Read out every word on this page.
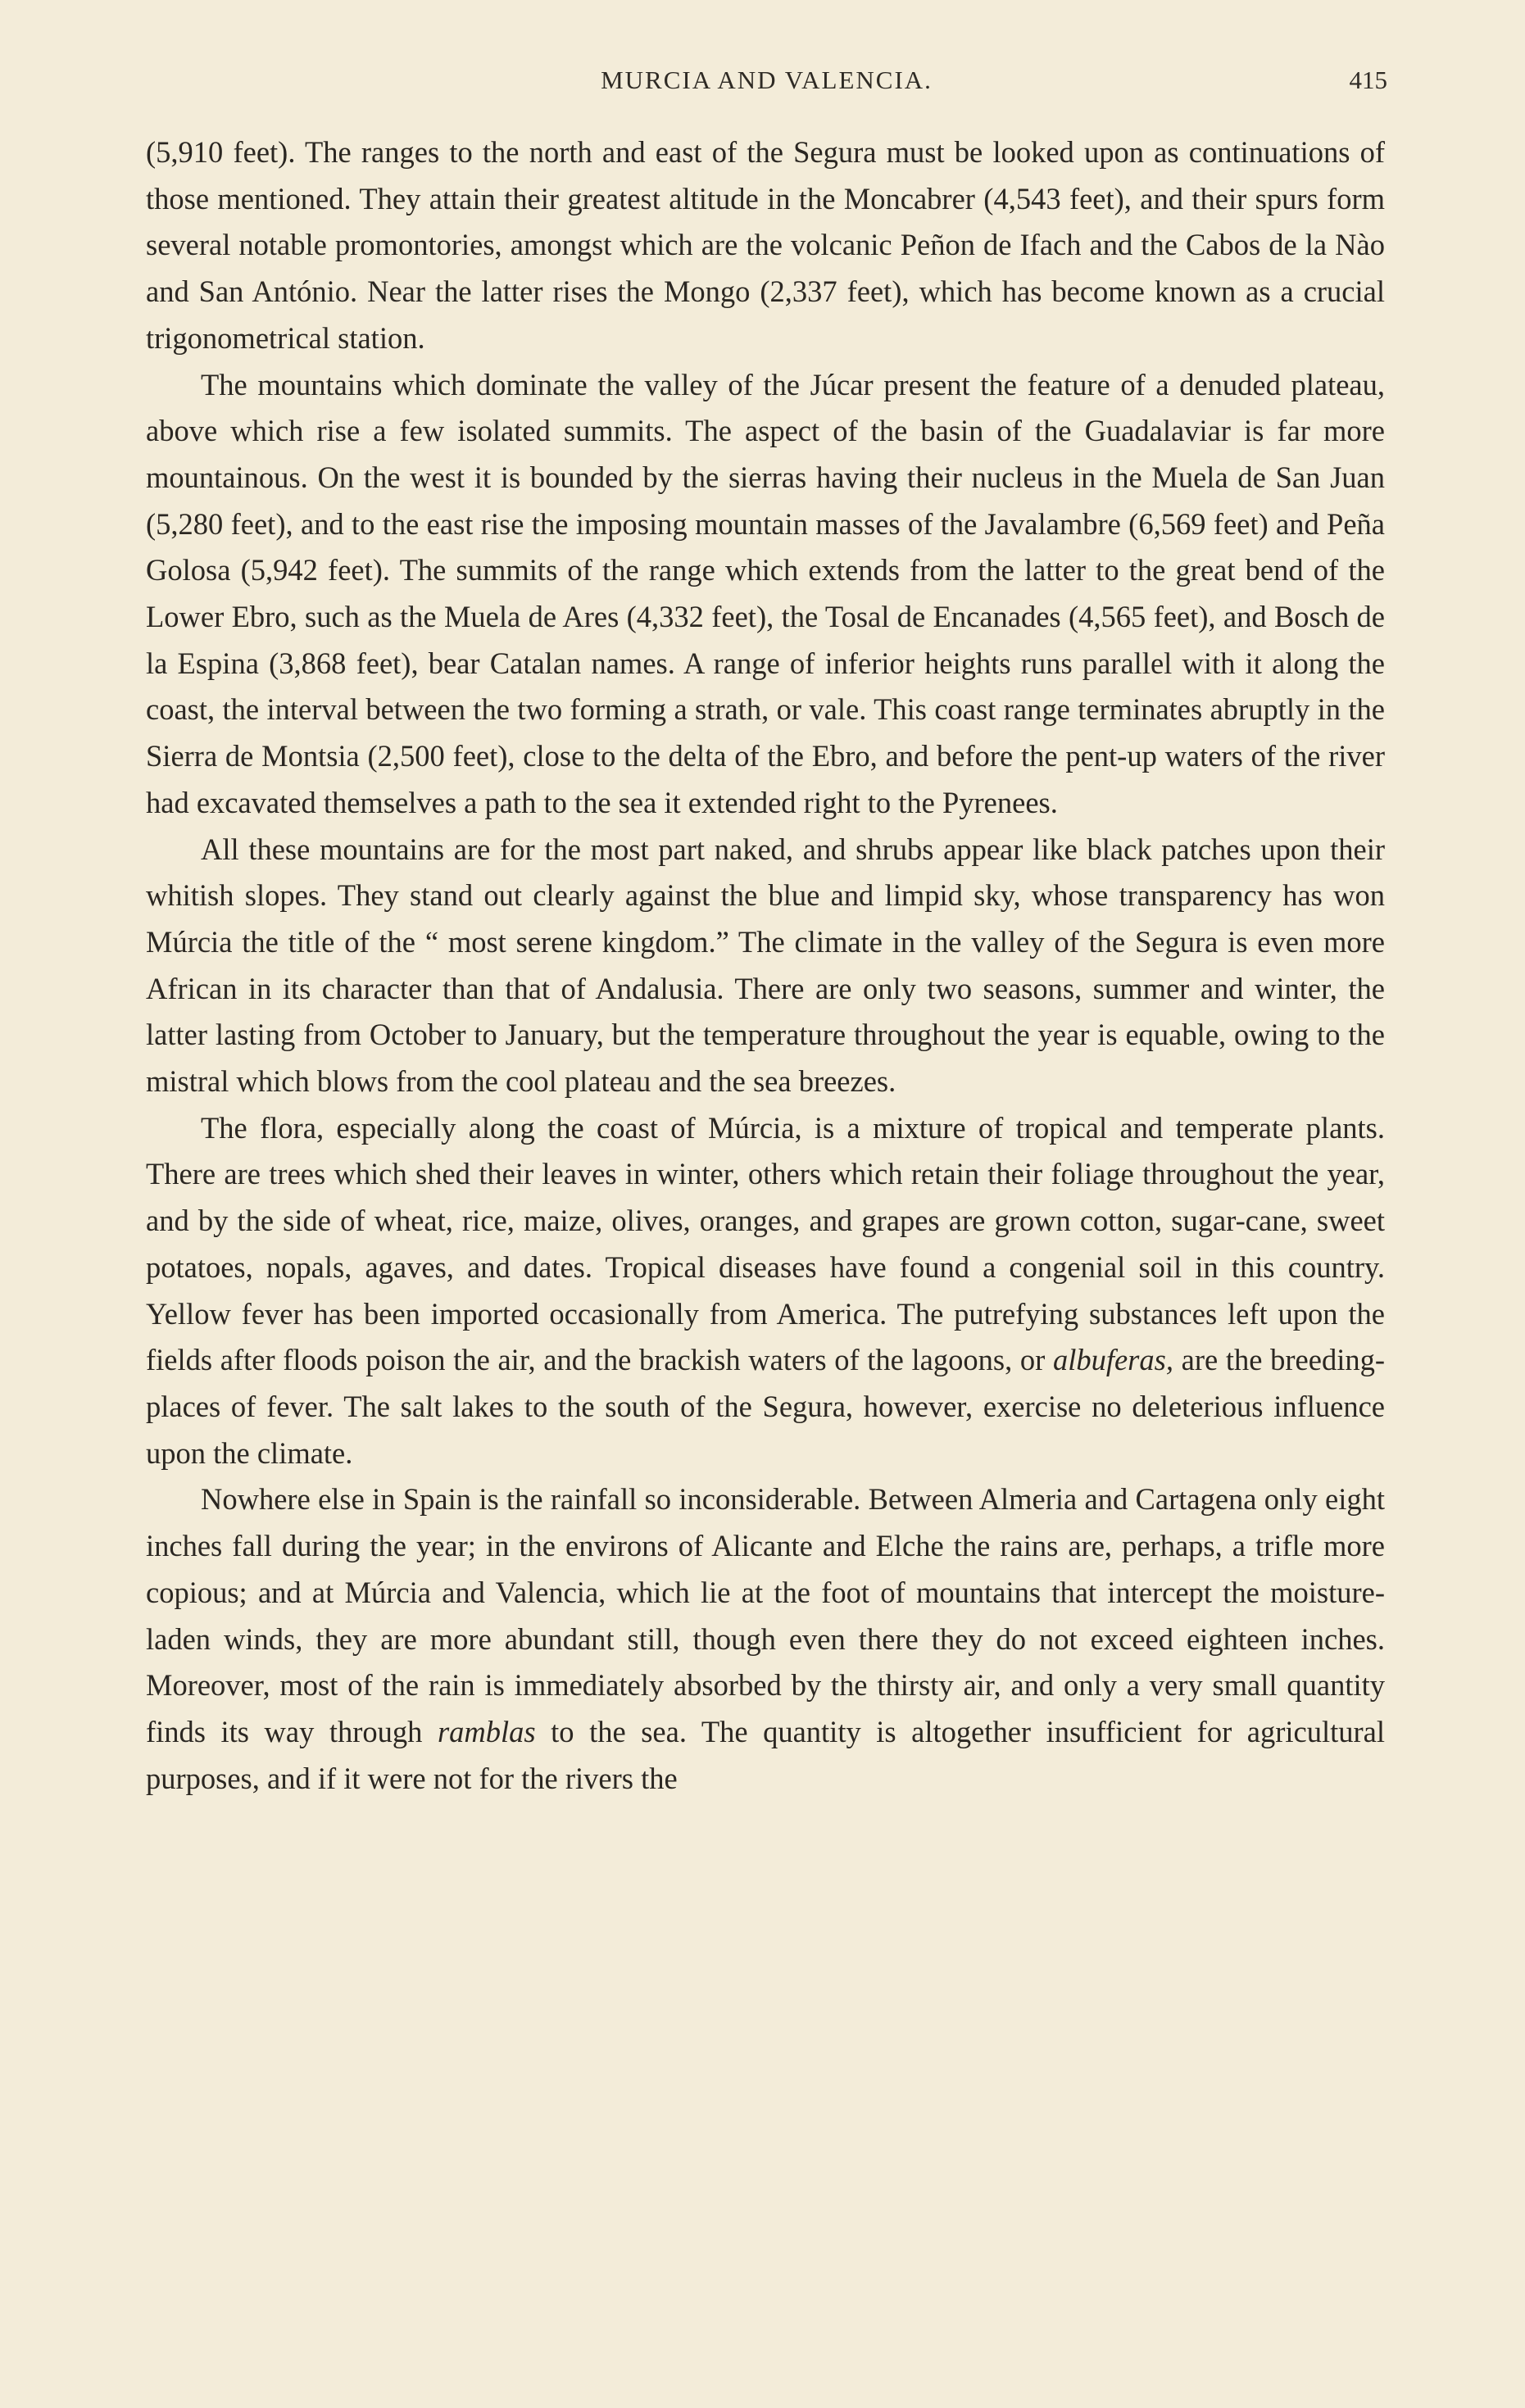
MURCIA AND VALENCIA.	415

(5,910 feet). The ranges to the north and east of the Segura must be looked upon as continuations of those mentioned. They attain their greatest altitude in the Moncabrer (4,543 feet), and their spurs form several notable promontories, amongst which are the volcanic Peñon de Ifach and the Cabos de la Nào and San António. Near the latter rises the Mongo (2,337 feet), which has become known as a crucial trigonometrical station.

The mountains which dominate the valley of the Júcar present the feature of a denuded plateau, above which rise a few isolated summits. The aspect of the basin of the Guadalaviar is far more mountainous. On the west it is bounded by the sierras having their nucleus in the Muela de San Juan (5,280 feet), and to the east rise the imposing mountain masses of the Javalambre (6,569 feet) and Peña Golosa (5,942 feet). The summits of the range which extends from the latter to the great bend of the Lower Ebro, such as the Muela de Ares (4,332 feet), the Tosal de Encanades (4,565 feet), and Bosch de la Espina (3,868 feet), bear Catalan names. A range of inferior heights runs parallel with it along the coast, the interval between the two forming a strath, or vale. This coast range terminates abruptly in the Sierra de Montsia (2,500 feet), close to the delta of the Ebro, and before the pent-up waters of the river had excavated themselves a path to the sea it extended right to the Pyrenees.

All these mountains are for the most part naked, and shrubs appear like black patches upon their whitish slopes. They stand out clearly against the blue and limpid sky, whose transparency has won Múrcia the title of the “ most serene kingdom.” The climate in the valley of the Segura is even more African in its character than that of Andalusia. There are only two seasons, summer and winter, the latter lasting from October to January, but the temperature throughout the year is equable, owing to the mistral which blows from the cool plateau and the sea breezes.

The flora, especially along the coast of Múrcia, is a mixture of tropical and temperate plants. There are trees which shed their leaves in winter, others which retain their foliage throughout the year, and by the side of wheat, rice, maize, olives, oranges, and grapes are grown cotton, sugar-cane, sweet potatoes, nopals, agaves, and dates. Tropical diseases have found a congenial soil in this country. Yellow fever has been imported occasionally from America. The putrefying substances left upon the fields after floods poison the air, and the brackish waters of the lagoons, or albuferas, are the breeding-places of fever. The salt lakes to the south of the Segura, however, exercise no deleterious influence upon the climate.

Nowhere else in Spain is the rainfall so inconsiderable. Between Almeria and Cartagena only eight inches fall during the year; in the environs of Alicante and Elche the rains are, perhaps, a trifle more copious; and at Múrcia and Valencia, which lie at the foot of mountains that intercept the moisture-laden winds, they are more abundant still, though even there they do not exceed eighteen inches. Moreover, most of the rain is immediately absorbed by the thirsty air, and only a very small quantity finds its way through ramblas to the sea. The quantity is altogether insufficient for agricultural purposes, and if it were not for the rivers the
